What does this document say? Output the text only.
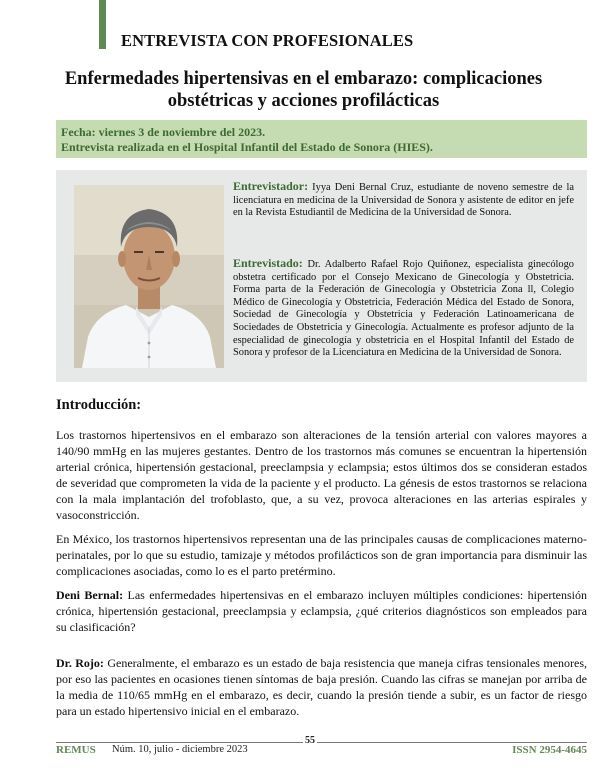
ENTREVISTA CON PROFESIONALES
Enfermedades hipertensivas en el embarazo: complicaciones
obstétricas y acciones profilácticas
Fecha: viernes 3 de noviembre del 2023.
Entrevista realizada en el Hospital Infantil del Estado de Sonora (HIES).
Entrevistador: Iyya Deni Bernal Cruz, estudiante de noveno semestre de la licenciatura en medicina de la Universidad de Sonora y asistente de editor en jefe en la Revista Estudiantil de Medicina de la Universidad de Sonora.
Entrevistado: Dr. Adalberto Rafael Rojo Quiñonez, especialista ginecólogo obstetra certificado por el Consejo Mexicano de Ginecología y Obstetricia. Forma parta de la Federación de Ginecología y Obstetricia Zona ll, Colegio Médico de Ginecología y Obstetricia, Federación Médica del Estado de Sonora, Sociedad de Ginecología y Obstetricia y Federación Latinoamericana de Sociedades de Obstetricia y Ginecología. Actualmente es profesor adjunto de la especialidad de ginecología y obstetricia en el Hospital Infantil del Estado de Sonora y profesor de la Licenciatura en Medicina de la Universidad de Sonora.
Introducción:

Los trastornos hipertensivos en el embarazo son alteraciones de la tensión arterial con valores mayores a 140/90 mmHg en las mujeres gestantes. Dentro de los trastornos más comunes se encuentran la hipertensión arterial crónica, hipertensión gestacional, preeclampsia y eclampsia; estos últimos dos se consideran estados de severidad que comprometen la vida de la paciente y el producto. La génesis de estos trastornos se relaciona con la mala implantación del trofoblasto, que, a su vez, provoca alteraciones en las arterias espirales y vasoconstricción.

En México, los trastornos hipertensivos representan una de las principales causas de complicaciones materno-perinatales, por lo que su estudio, tamizaje y métodos profilácticos son de gran importancia para disminuir las complicaciones asociadas, como lo es el parto pretérmino.

Deni Bernal: Las enfermedades hipertensivas en el embarazo incluyen múltiples condiciones: hipertensión crónica, hipertensión gestacional, preeclampsia y eclampsia, ¿qué criterios diagnósticos son empleados para su clasificación?

Dr. Rojo: Generalmente, el embarazo es un estado de baja resistencia que maneja cifras tensionales menores, por eso las pacientes en ocasiones tienen síntomas de baja presión. Cuando las cifras se manejan por arriba de la media de 110/65 mmHg en el embarazo, es decir, cuando la presión tiende a subir, es un factor de riesgo para un estado hipertensivo inicial en el embarazo.

REMUS Núm. 10, julio - diciembre 2023
55
ISSN 2954-4645
